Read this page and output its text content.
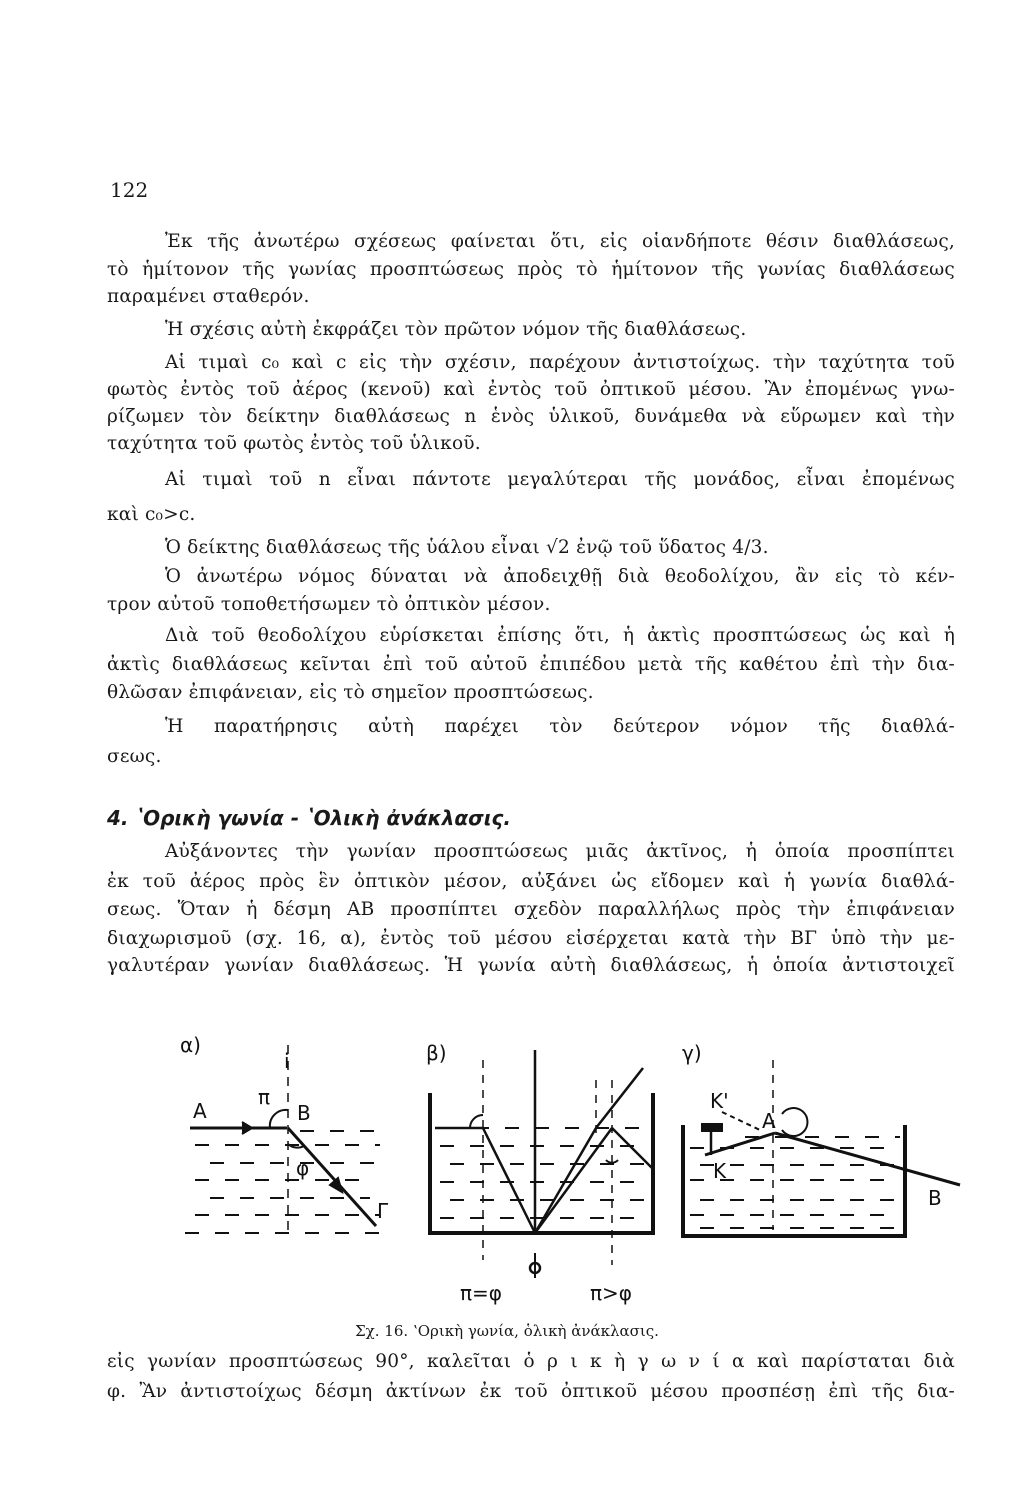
122
Ἐκ τῆς ἀνωτέρω σχέσεως φαίνεται ὅτι, εἰς οἱανδήποτε θέσιν διαθλάσεως,
τὸ ἡμίτονον τῆς γωνίας προσπτώσεως πρὸς τὸ ἡμίτονον τῆς γωνίας διαθλάσεως
παραμένει σταθερόν.
Ἡ σχέσις αὐτὴ ἐκφράζει τὸν πρῶτον νόμον τῆς διαθλάσεως.
Αἱ τιμαὶ c₀ καὶ c εἰς τὴν σχέσιν, παρέχουν ἀντιστοίχως. τὴν ταχύτητα τοῦ
φωτὸς ἐντὸς τοῦ ἀέρος (κενοῦ) καὶ ἐντὸς τοῦ ὀπτικοῦ μέσου. Ἂν ἐπομένως γνω-
ρίζωμεν τὸν δείκτην διαθλάσεως n ἑνὸς ὑλικοῦ, δυνάμεθα νὰ εὕρωμεν καὶ τὴν
ταχύτητα τοῦ φωτὸς ἐντὸς τοῦ ὑλικοῦ.
Αἱ τιμαὶ τοῦ n εἶναι πάντοτε μεγαλύτεραι τῆς μονάδος, εἶναι ἐπομένως
καὶ c₀>c.
Ὁ δείκτης διαθλάσεως τῆς ὑάλου εἶναι √2 ἐνῷ τοῦ ὕδατος 4/3.
Ὁ ἀνωτέρω νόμος δύναται νὰ ἀποδειχθῇ διὰ θεοδολίχου, ἂν εἰς τὸ κέν-
τρον αὐτοῦ τοποθετήσωμεν τὸ ὀπτικὸν μέσον.
Διὰ τοῦ θεοδολίχου εὑρίσκεται ἐπίσης ὅτι, ἡ ἀκτὶς προσπτώσεως ὡς καὶ ἡ
ἀκτὶς διαθλάσεως κεῖνται ἐπὶ τοῦ αὐτοῦ ἐπιπέδου μετὰ τῆς καθέτου ἐπὶ τὴν δια-
θλῶσαν ἐπιφάνειαν, εἰς τὸ σημεῖον προσπτώσεως.
Ἡ παρατήρησις αὐτὴ παρέχει τὸν δεύτερον νόμον τῆς διαθλά-
σεως.
4. ʽΟρικὴ γωνία - ʽΟλικὴ ἀνάκλασις.
Αὐξάνοντες τὴν γωνίαν προσπτώσεως μιᾶς ἀκτῖνος, ἡ ὁποία προσπίπτει
ἐκ τοῦ ἀέρος πρὸς ἓν ὀπτικὸν μέσον, αὐξάνει ὡς εἴδομεν καὶ ἡ γωνία διαθλά-
σεως. Ὅταν ἡ δέσμη ΑΒ προσπίπτει σχεδὸν παραλλήλως πρὸς τὴν ἐπιφάνειαν
διαχωρισμοῦ (σχ. 16, α), ἐντὸς τοῦ μέσου εἰσέρχεται κατὰ τὴν ΒΓ ὑπὸ τὴν με-
γαλυτέραν γωνίαν διαθλάσεως. Ἡ γωνία αὐτὴ διαθλάσεως, ἡ ὁποία ἀντιστοιχεῖ
α)
i
A
π
B
φ
Γ
β)
π=φ	π>φ
γ)
K'
A
K
B
Σχ. 16. ʽΟρικὴ γωνία, ὁλικὴ ἀνάκλασις.
εἰς γωνίαν προσπτώσεως 90°, καλεῖται ὁ ρ ι κ ὴ γ ω ν ί α καὶ παρίσταται διὰ
φ. Ἂν ἀντιστοίχως δέσμη ἀκτίνων ἐκ τοῦ ὀπτικοῦ μέσου προσπέσῃ ἐπὶ τῆς δια-
